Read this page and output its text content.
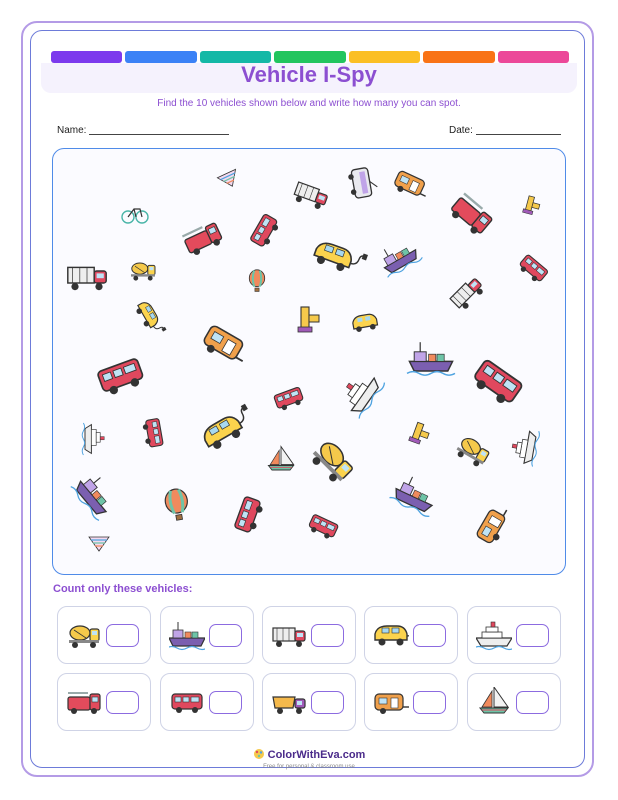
Vehicle I-Spy
Find the 10 vehicles shown below and write how many you can spot.
Name:	Date:
Count only these vehicles:
ColorWithEva.com
Free for personal & classroom use
